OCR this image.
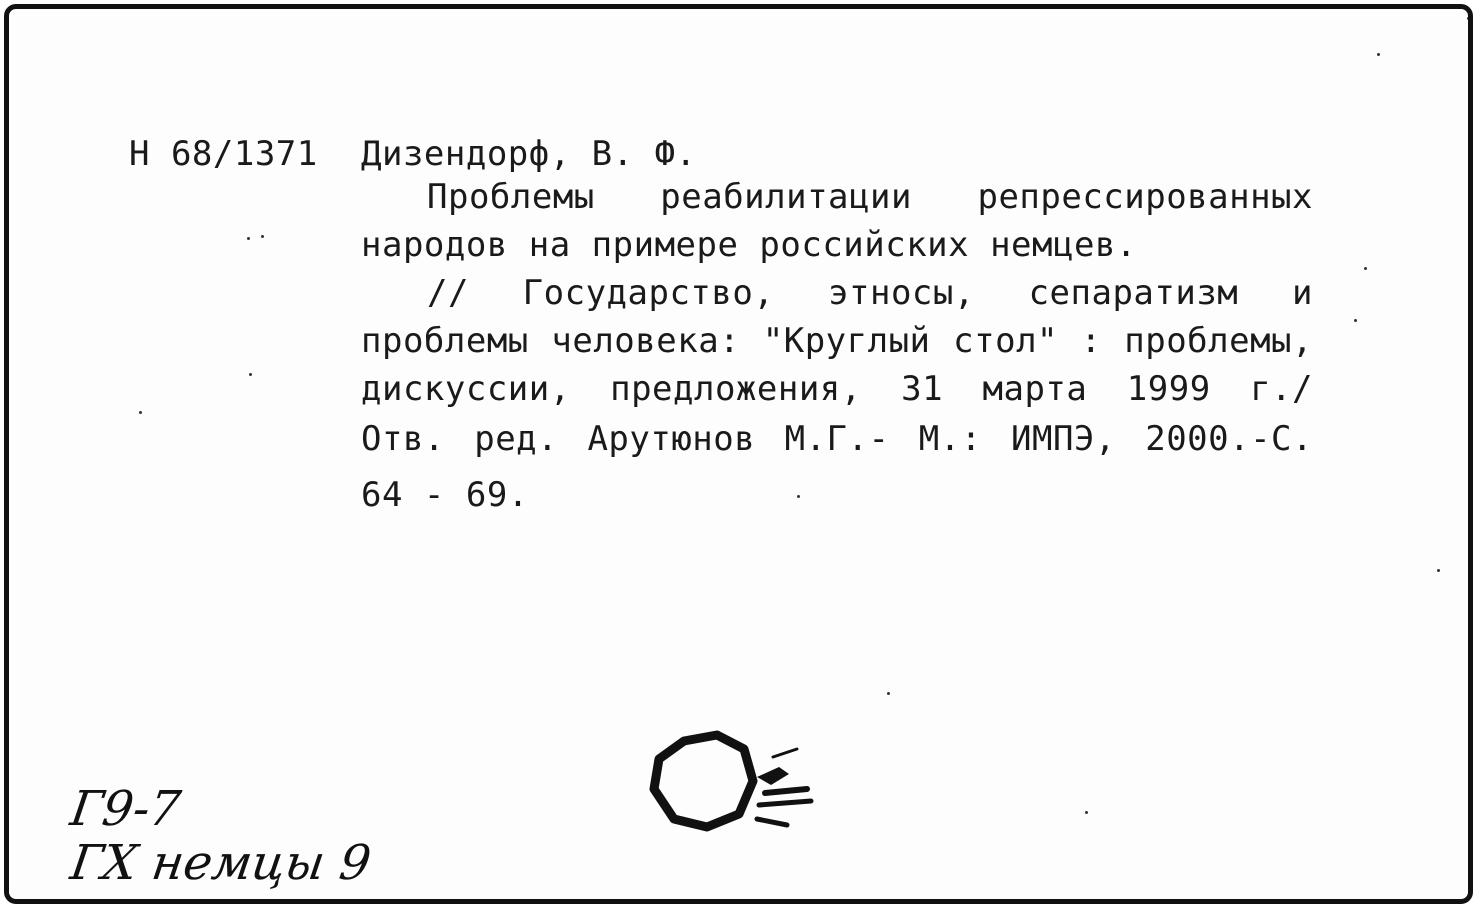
Н 68/1371 Дизендорф, В. Ф.
Проблемы реабилитации репрессированных
народов на примере российских немцев.
// Государство, этносы, сепаратизм и
проблемы человека: "Круглый стол" : проблемы,
дискуссии, предложения, 31 марта 1999 г./
Отв. ред. Арутюнов М.Г.- М.: ИМПЭ, 2000.-С.
64 - 69.
Г9-7
ГХ немцы 9
